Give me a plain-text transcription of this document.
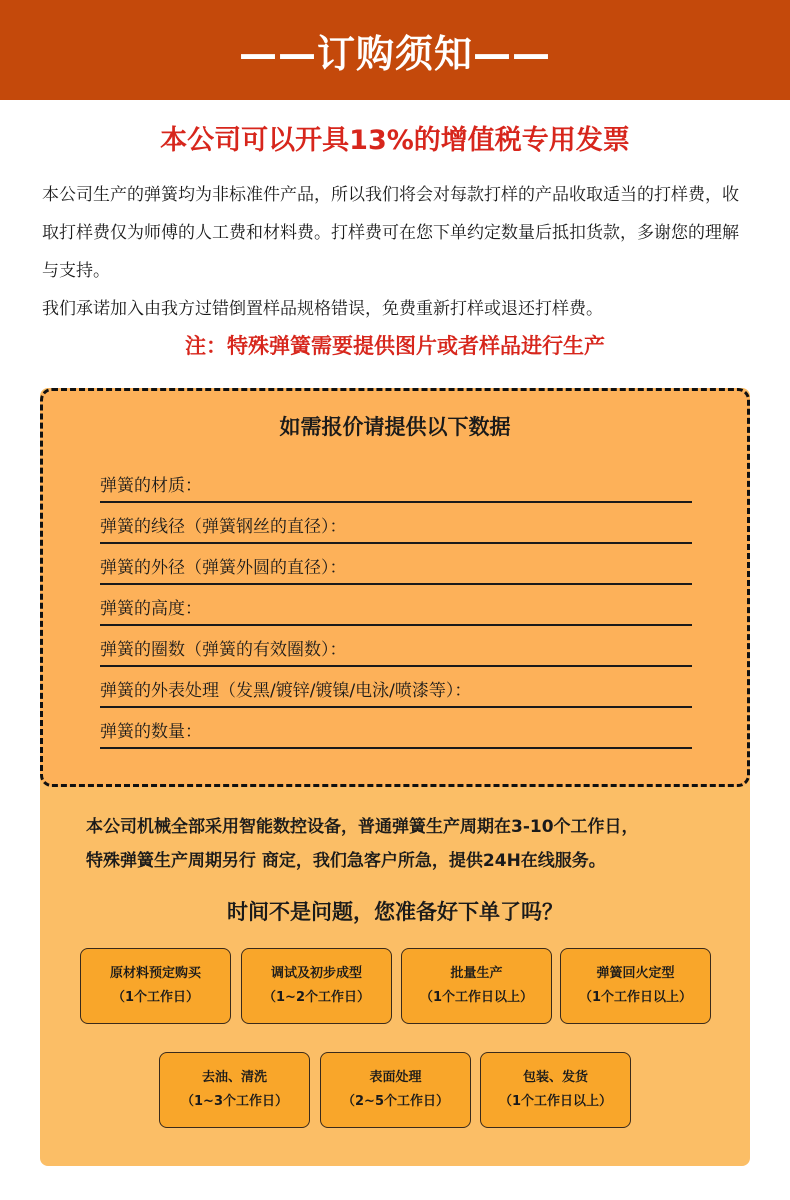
——订购须知——
本公司可以开具13%的增值税专用发票

本公司生产的弹簧均为非标准件产品，所以我们将会对每款打样的产品收取适当的打样费，收取打样费仅为师傅的人工费和材料费。打样费可在您下单约定数量后抵扣货款，多谢您的理解与支持。

我们承诺加入由我方过错倒置样品规格错误，免费重新打样或退还打样费。

注：特殊弹簧需要提供图片或者样品进行生产
如需报价请提供以下数据
弹簧的材质：
弹簧的线径（弹簧钢丝的直径）：
弹簧的外径（弹簧外圆的直径）：
弹簧的高度：
弹簧的圈数（弹簧的有效圈数）：
弹簧的外表处理（发黑/镀锌/镀镍/电泳/喷漆等）：
弹簧的数量：

本公司机械全部采用智能数控设备，普通弹簧生产周期在3-10个工作日，

特殊弹簧生产周期另行 商定，我们急客户所急，提供24H在线服务。

时间不是问题，您准备好下单了吗？
原材料预定购买
（1个工作日）
调试及初步成型
（1~2个工作日）
批量生产
（1个工作日以上）
弹簧回火定型
（1个工作日以上）
去油、清洗
（1~3个工作日）
表面处理
（2~5个工作日）
包装、发货
（1个工作日以上）
